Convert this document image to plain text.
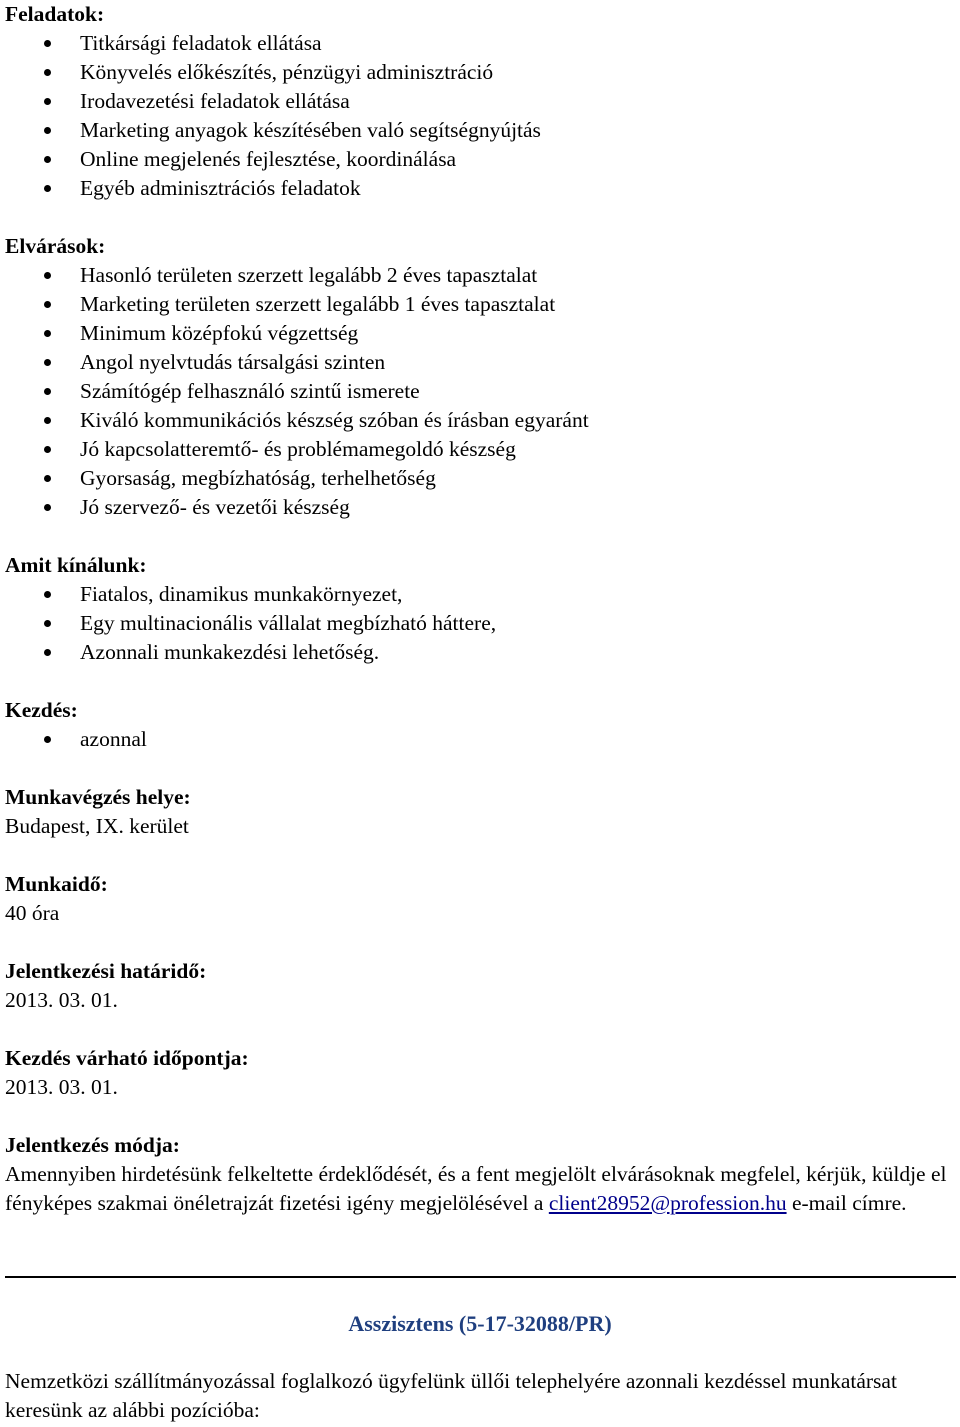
Feladatok:
Titkársági feladatok ellátása
Könyvelés előkészítés, pénzügyi adminisztráció
Irodavezetési feladatok ellátása
Marketing anyagok készítésében való segítségnyújtás
Online megjelenés fejlesztése, koordinálása
Egyéb adminisztrációs feladatok
Elvárások:
Hasonló területen szerzett legalább 2 éves tapasztalat
Marketing területen szerzett legalább 1 éves tapasztalat
Minimum középfokú végzettség
Angol nyelvtudás társalgási szinten
Számítógép felhasználó szintű ismerete
Kiváló kommunikációs készség szóban és írásban egyaránt
Jó kapcsolatteremtő- és problémamegoldó készség
Gyorsaság, megbízhatóság, terhelhetőség
Jó szervező- és vezetői készség
Amit kínálunk:
Fiatalos, dinamikus munkakörnyezet,
Egy multinacionális vállalat megbízható háttere,
Azonnali munkakezdési lehetőség.
Kezdés:
azonnal
Munkavégzés helye:
Budapest, IX. kerület
Munkaidő:
40 óra
Jelentkezési határidő:
2013. 03. 01.
Kezdés várható időpontja:
2013. 03. 01.
Jelentkezés módja:

Amennyiben hirdetésünk felkeltette érdeklődését, és a fent megjelölt elvárásoknak megfelel, kérjük, küldje el fényképes szakmai önéletrajzát fizetési igény megjelölésével a client28952@profession.hu e-mail címre.

Asszisztens (5-17-32088/PR)

Nemzetközi szállítmányozással foglalkozó ügyfelünk üllői telephelyére azonnali kezdéssel munkatársat keresünk az alábbi pozícióba:
